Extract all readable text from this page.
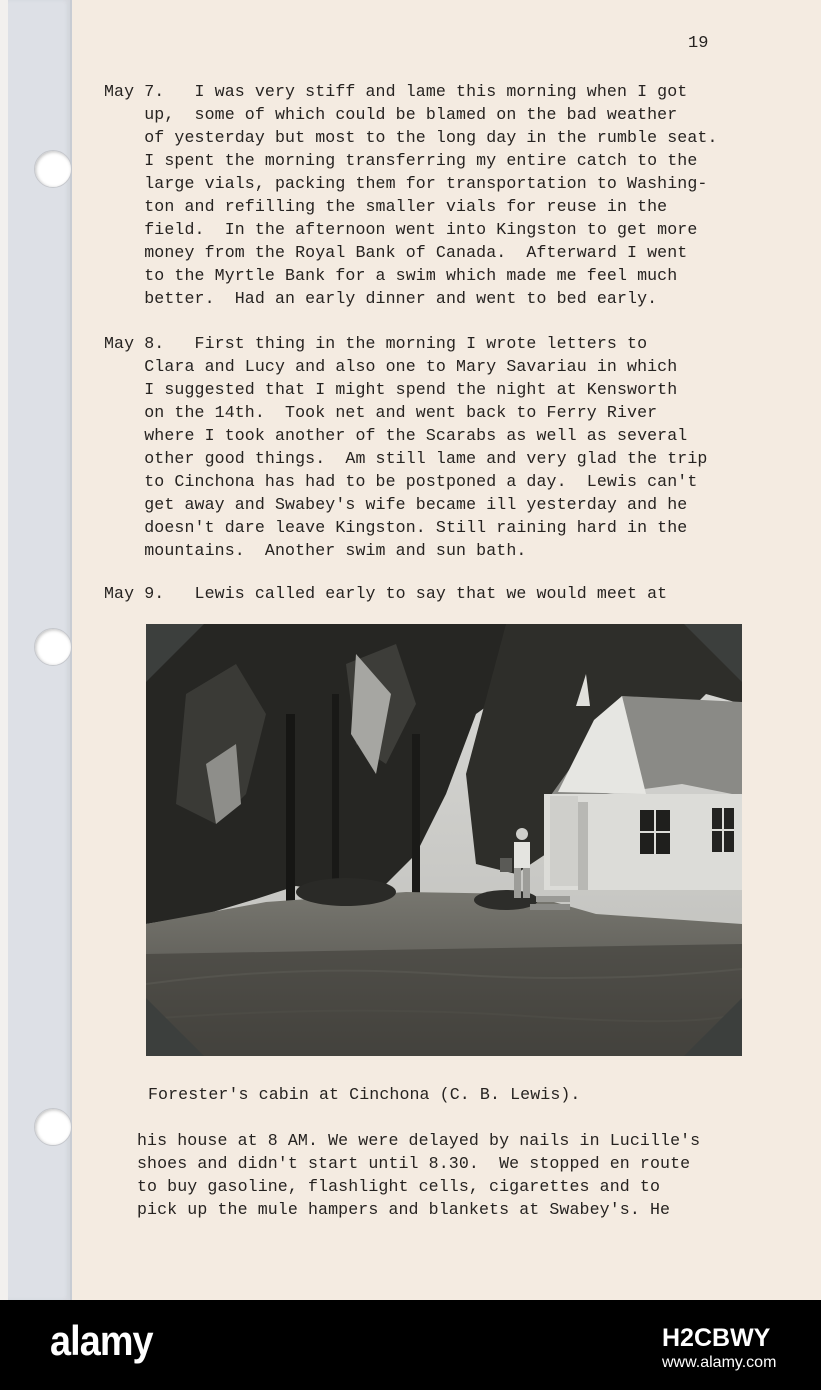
19
May 7.   I was very stiff and lame this morning when I got
up,  some of which could be blamed on the bad weather
of yesterday but most to the long day in the rumble seat.
I spent the morning transferring my entire catch to the
large vials, packing them for transportation to Washing-
ton and refilling the smaller vials for reuse in the
field.  In the afternoon went into Kingston to get more
money from the Royal Bank of Canada.  Afterward I went
to the Myrtle Bank for a swim which made me feel much
better.  Had an early dinner and went to bed early.
May 8.   First thing in the morning I wrote letters to
Clara and Lucy and also one to Mary Savariau in which
I suggested that I might spend the night at Kensworth
on the 14th.  Took net and went back to Ferry River
where I took another of the Scarabs as well as several
other good things.  Am still lame and very glad the trip
to Cinchona has had to be postponed a day.  Lewis can't
get away and Swabey's wife became ill yesterday and he
doesn't dare leave Kingston. Still raining hard in the
mountains.  Another swim and sun bath.
May 9.   Lewis called early to say that we would meet at
Forester's cabin at Cinchona (C. B. Lewis).
his house at 8 AM. We were delayed by nails in Lucille's
shoes and didn't start until 8.30.  We stopped en route
to buy gasoline, flashlight cells, cigarettes and to
pick up the mule hampers and blankets at Swabey's. He
alamy	H2CBWY
www.alamy.com
